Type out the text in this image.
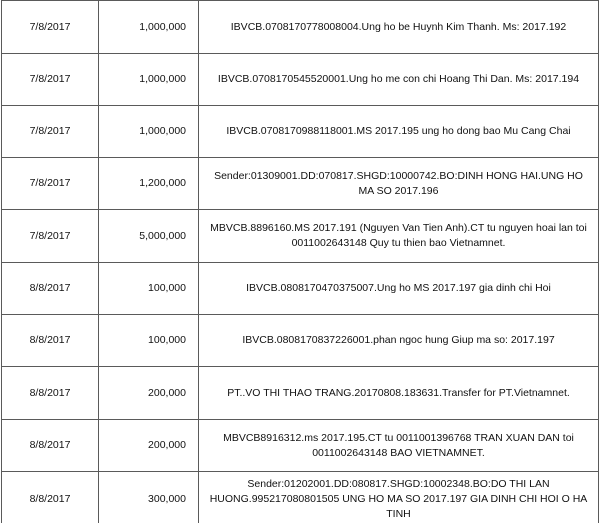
7/8/2017	1,000,000	IBVCB.0708170778008004.Ung ho be Huynh Kim Thanh. Ms: 2017.192
7/8/2017	1,000,000	IBVCB.0708170545520001.Ung ho me con chi Hoang Thi Dan. Ms: 2017.194
7/8/2017	1,000,000	IBVCB.0708170988118001.MS 2017.195 ung ho dong bao Mu Cang Chai
7/8/2017	1,200,000	Sender:01309001.DD:070817.SHGD:10000742.BO:DINH HONG HAI.UNG HO MA SO 2017.196
7/8/2017	5,000,000	MBVCB.8896160.MS 2017.191 (Nguyen Van Tien Anh).CT tu nguyen hoai lan toi 0011002643148 Quy tu thien bao Vietnamnet.
8/8/2017	100,000	IBVCB.0808170470375007.Ung ho MS 2017.197 gia dinh chi Hoi
8/8/2017	100,000	IBVCB.0808170837226001.phan ngoc hung Giup ma so: 2017.197
8/8/2017	200,000	PT..VO THI THAO TRANG.20170808.183631.Transfer for PT.Vietnamnet.
8/8/2017	200,000	MBVCB8916312.ms 2017.195.CT tu 0011001396768 TRAN XUAN DAN toi 0011002643148 BAO VIETNAMNET.
8/8/2017	300,000	Sender:01202001.DD:080817.SHGD:10002348.BO:DO THI LAN HUONG.995217080801505 UNG HO MA SO 2017.197 GIA DINH CHI HOI O HA TINH
